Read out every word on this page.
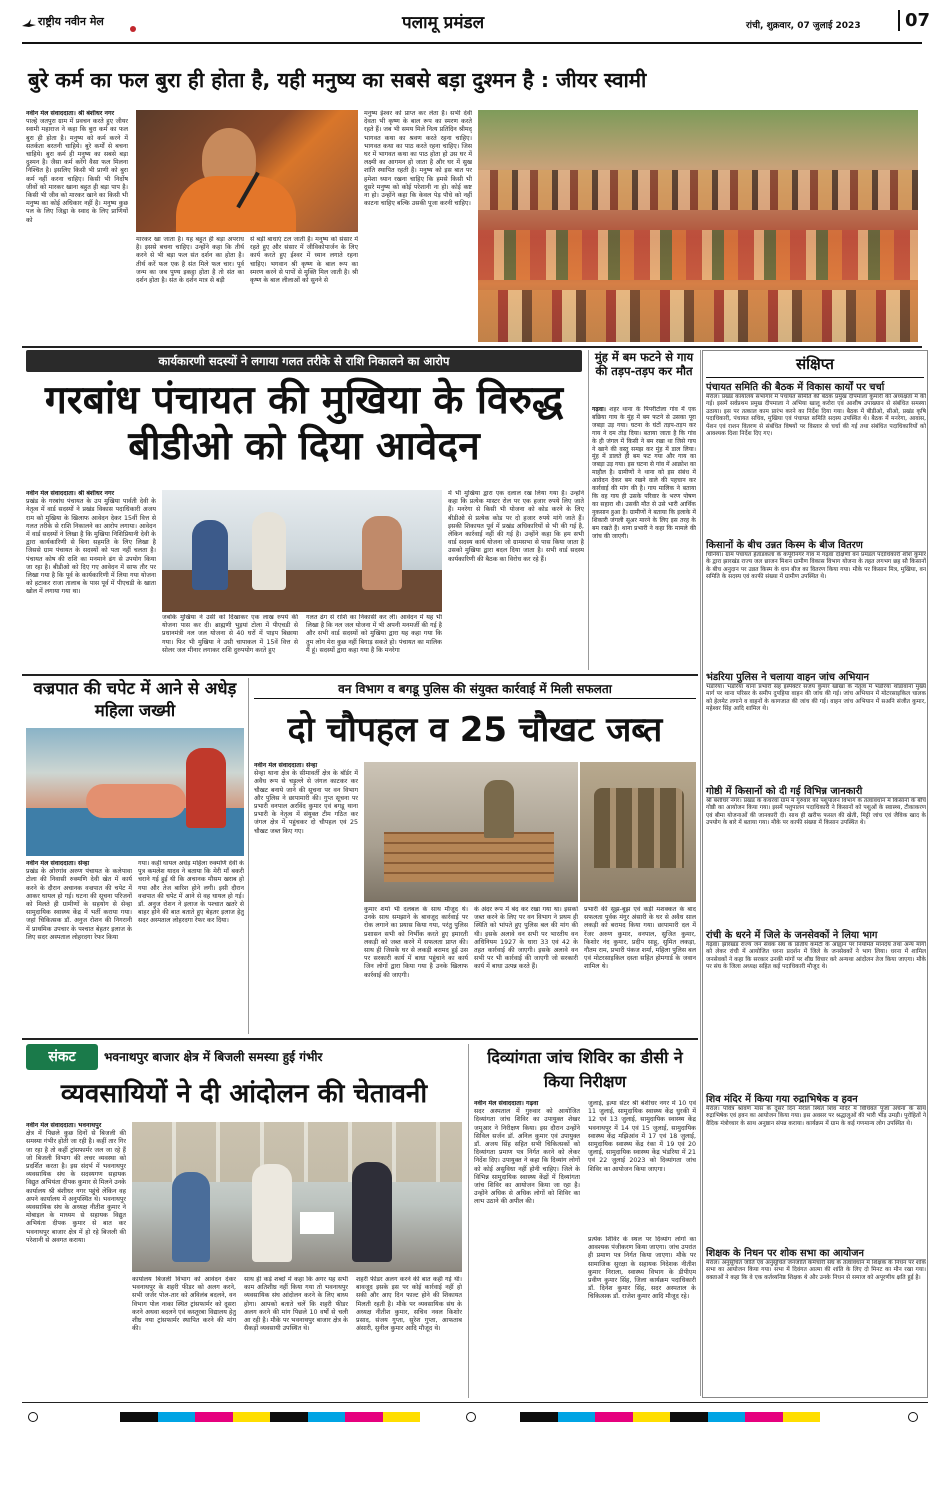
राष्ट्रीय नवीन मेल	पलामू प्रमंडल	रांची, शुक्रवार, 07 जुलाई 2023	07
बुरे कर्म का फल बुरा ही होता है, यही मनुष्य का सबसे बड़ा दुश्मन है : जीयर स्वामी
नवीन मेल संवाददाता। श्री बंशीधर नगर
पाल्हे जतपुरा ग्राम में प्रवचन करते हुए जीयर स्वामी महाराज ने कहा कि बुरा कर्म का फल बुरा ही होता है। मनुष्य को कर्म करने में सतर्कता बरतनी चाहिये। बुरे कर्मों से बचना चाहिये। बुरा कर्म ही मनुष्य का सबसे बड़ा दुश्मन है। जैसा कर्म करेंगे वैसा फल मिलना निश्चित है। इसलिए किसी भी प्राणी को बुरा कर्म नहीं करना चाहिए। किसी भी निर्दोष जीवों को मारकर खाना बहुत ही बड़ा पाप है। किसी भी जीव को मारकर खाने का किसी भी मनुष्य का कोई अधिकार नहीं है। मनुष्य कुछ पल के लिए जिह्वा के स्वाद के लिए प्राणियों को
मारकर खा जाता है। यह बहुत ही बड़ा अपराध है। इससे बचना चाहिए। उन्होंने कहा कि तीर्थ करने से भी बड़ा फल संत दर्शन का होता है। तीर्थ करें फल एक है संत मिले फल चार। पूर्व जन्म का जब पुण्य इकट्ठा होता है तो संत का दर्शन होता है। संत के दर्शन मात्र से बड़ी
से बड़ी बाधाएं टल जाती है। मनुष्य को संसार में रहते हुए और संसार में जीविकोपार्जन के लिए कार्य करते हुए ईश्वर में ध्यान लगाते रहना चाहिए। भगवान श्री कृष्ण के बाल रूप का स्मरण करने से पापों से मुक्ति मिल जाती है। श्री कृष्ण के बाल लीलाओं को सुनने से
मनुष्य ईश्वर को प्राप्त कर लेता है। सभी देवी देवता भी कृष्ण के बाल रूप का स्मरण करते रहते हैं। जब भी समय मिले नित्य प्रतिदिन श्रीमद् भागवत कथा का श्रवण करते रहना चाहिए। भागवत कथा का पाठ करते रहना चाहिए। जिस घर में भागवत कथा का पाठ होता हो उस घर में लक्ष्मी का आगमन हो जाता है और घर में सुख शांति स्थापित रहती है। मनुष्य को इस बात पर हमेशा ध्यान रखना चाहिए कि हमसे किसी भी दूसरे मनुष्य को कोई परेशानी ना हो। कोई कष्ट ना हो। उन्होंने कहा कि केवल पेड़ पौधे को नहीं काटना चाहिए बल्कि उसकी पूजा करनी चाहिए।
कार्यकारणी सदस्यों ने लगाया गलत तरीके से राशि निकालने का आरोप
गरबांध पंचायत की मुखिया के विरुद्ध बीडीओ को दिया आवेदन
नवीन मेल संवाददाता। श्री बंशीधर नगर
प्रखंड के गरबांध पंचायत के उप मुखिया पार्वती देवी के नेतृत्व में वार्ड सदस्यों ने प्रखंड विकास पदाधिकारी अजय राम को मुखिया के खिलाफ आवेदन देकर 15वीं वित्त से गलत तरीके से राशि निकालने का आरोप लगाया। आवेदन में वार्ड सदस्यों ने लिखा है कि मुखिया निशिप्रियानी देवी के द्वारा कार्यकारिणी से बिना सहमति के लिए लिखा है जिससे ग्राम पंचायत के सदस्यों को पता नहीं चलता है। पंचायत कोष की राशि का मनमाने ढंग से उपयोग किया जा रहा है। बीडीओ को दिए गए आवेदन में साफ तौर पर लिखा गया है कि पूर्व के कार्यकारिणी में लिया गया योजना को हटाकर राजा तालाब के पास पूर्व में पीएचडी के खाता खोल में लगाया गया था।
जबकि मुखिया ने उसी को दिखाकर एक लाख रुपये की योजना पास कर दी। ब्राह्मणी भुइयां टोला में पीएचडी से प्रधानमंत्री नल जल योजना से 40 घरों में पाइप बिछाया गया। फिर भी मुखिया ने उसी चापाकल में 15वें वित्त से सोलर जल मीनार लगाकर राशि दुरुपयोग करते हुए
गलत ढंग से राशि का निकासी कर ली। आवेदन में यह भी लिखा है कि नल जल योजना में भी अपनी मनमर्जी की गई है और सभी वार्ड सदस्यों को मुखिया द्वारा यह कहा गया कि तुम लोग मेरा कुछ नहीं बिगाड़ सकते हो। पंचायत का मालिक मैं हूं। सदस्यों द्वारा कहा गया है कि मनरेगा
में भी मुखिया द्वारा एक दलाल रख लिया गया है। उन्होंने कहा कि प्रत्येक मास्टर रोल पर एक हजार रुपये लिए जाते हैं। मनरेगा से किसी भी योजना को कोड करने के लिए बीडीओ से प्रत्येक कोड पर दो हजार रुपये मांगे जाते हैं। इसकी शिकायत पूर्व में प्रखंड अधिकारियों से भी की गई है, लेकिन कार्रवाई नहीं की गई है। उन्होंने कहा कि हम सभी वार्ड सदस्य कार्य योजना जो ग्रामसभा से पास किया जाता है उसको मुखिया द्वारा बदल दिया जाता है। सभी वार्ड सदस्य कार्यकारिणी की बैठक का विरोध कर रहे हैं।
मुंह में बम फटने से गाय की तड़प-तड़प कर मौत
गढ़वा। शहर थाना के पिपरीटोला गांव में एक बछिया गाय के मुंह में बम फटने से उसका पूरा जबड़ा उड़ गया। घटना के घंटों तड़प-तड़प कर गाय ने दम तोड़ दिया। बताया जाता है कि गांव के ही जंगल में किसी ने बम रखा था जिसे गाय ने खाने की वस्तु समझ कर मुंह में डाल लिया। मुंह में डालते ही बम फट गया और गाय का जबड़ा उड़ गया। इस घटना से गांव में आक्रोश का माहौल है। ग्रामीणों ने थाना को इस संबंध में आवेदन देकर बम रखने वाले की पहचान कर कार्रवाई की मांग की है। गाय मालिक ने बताया कि वह गाय ही उसके परिवार के भरण पोषण का सहारा थी। उसकी मौत से उसे भारी आर्थिक नुकसान हुआ है। ग्रामीणों ने बताया कि इलाके में शिकारी जंगली सूअर मारने के लिए इस तरह के बम रखते हैं। थाना प्रभारी ने कहा कि मामले की जांच की जाएगी।
संक्षिप्त
पंचायत समिति की बैठक में विकास कार्यों पर चर्चा
मेराल। प्रखंड कार्यालय सभागार में पंचायत समिति की बैठक प्रमुख दीपमाला कुमारी की अध्यक्षता में की गई। इसमें सर्वप्रथम प्रमुख दीपमाला ने अभिया खालू करोरा एवं आशीष उपाख्यान से संबंधित समस्या उठाया। इस पर तत्काल काम प्रारंभ करने का निर्देश दिया गया। बैठक में बीडीओ, सीओ, प्रखंड कृषि पदाधिकारी, पंचायत सचिव, मुखिया एवं पंचायत समिति सदस्य उपस्थित थे। बैठक में मनरेगा, आवास, पेंशन एवं राशन वितरण से संबंधित विषयों पर विस्तार से चर्चा की गई तथा संबंधित पदाधिकारियों को आवश्यक दिशा निर्देश दिए गए।
किसानों के बीच उन्नत किस्म के बीज वितरण
चिनिया। ग्राम पंचायत हेताडकला के कर्पूरीनगर गांव में गढ़वा दक्षिणी वन प्रमंडल पदाधिकारी शशि कुमार के द्वारा झारखंड राज्य जल छाजन मिशन ग्रामीण विकास विभाग योजना के तहत लगभग छह सौ किसानों के बीच अनुदान पर उन्नत किस्म के धान बीज का वितरण किया गया। मौके पर किसान मित्र, मुखिया, वन समिति के सदस्य एवं काफी संख्या में ग्रामीण उपस्थित थे।
भंडरिया पुलिस ने चलाया वाहन जांच अभियान
भंडरिया। भंडरिया थाना प्रभारी सह इंस्पेक्टर संजय कुमार खाखा के नेतृत्व में भंडरिया थोडावाना मुख्य मार्ग पर थाना परिसर के समीप दुपहिया वाहन की जांच की गई। जांच अभियान में मोटरसाइकिल चालक को हेलमेट लगाने व वाहनों के कागजात की जांच की गई। वाहन जांच अभियान में सअनि संजीत कुमार, महेश्वर सिंह आदि शामिल थे।
गोष्ठी में किसानों को दी गई विभिन्न जानकारी
श्री बंशीधर नगर। प्रखंड के कचरवा ग्राम में गुरुवार को पशुपालन विभाग के तत्वावधान में किसानों के बीच गोष्ठी का आयोजन किया गया। इसमें पशुपालन पदाधिकारी ने किसानों को पशुओं के स्वास्थ्य, टीकाकरण एवं बीमा योजनाओं की जानकारी दी। साथ ही खरीफ फसल की खेती, मिट्टी जांच एवं जैविक खाद के उपयोग के बारे में बताया गया। मौके पर काफी संख्या में किसान उपस्थित थे।
रांची के धरने में जिले के जनसेवकों ने लिया भाग
गढ़वा। झारखंड राज्य जन सेवक संघ के प्रांतीय कमेटी के आह्वान पर नियमित मानदेय तथा अन्य मांगों को लेकर रांची में आयोजित धरना प्रदर्शन में जिले के जनसेवकों ने भाग लिया। धरना में शामिल जनसेवकों ने कहा कि सरकार उनकी मांगों पर शीघ्र विचार करे अन्यथा आंदोलन तेज किया जाएगा। मौके पर संघ के जिला अध्यक्ष सहित कई पदाधिकारी मौजूद थे।
शिव मंदिर में किया गया रुद्राभिषेक व हवन
मेराल। पवित्र श्रावण मास के दूसरे दिन मेराल स्थित शिव मंदिर में विधिवत पूजा अर्चना के साथ रुद्राभिषेक एवं हवन का आयोजन किया गया। इस अवसर पर श्रद्धालुओं की भारी भीड़ उमड़ी। पुरोहितों ने वैदिक मंत्रोच्चार के साथ अनुष्ठान संपन्न कराया। कार्यक्रम में ग्राम के कई गणमान्य लोग उपस्थित थे।
शिक्षक के निधन पर शोक सभा का आयोजन
मेराल। अनुसूचित जाति एवं अनुसूचित जनजाति कर्मचारी संघ के तत्वावधान में शिक्षक के निधन पर शोक सभा का आयोजन किया गया। सभा में दिवंगत आत्मा की शांति के लिए दो मिनट का मौन रखा गया। वक्ताओं ने कहा कि वे एक कर्तव्यनिष्ठ शिक्षक थे और उनके निधन से समाज को अपूरणीय क्षति हुई है।
वज्रपात की चपेट में आने से अधेड़ महिला जख्मी
नवीन मेल संवाददाता। सेन्हा
प्रखंड के ओरगांव अरुण पंचायत के कलेपावा टोला की निवासी रुक्मणि देवी खेत में कार्य करने के दौरान अचानक वज्रपात की चपेट में आकर घायल हो गई। घटना की सूचना परिजनों को मिलते ही ग्रामीणों के सहयोग से सेन्हा सामुदायिक स्वास्थ्य केंद्र में भर्ती कराया गया। जहां चिकित्सक डॉ. अनुज रोशन की निगरानी में प्राथमिक उपचार के पश्चात बेहतर इलाज के लिए सदर अस्पताल लोहरदगा रेफर किया
गया। कहीं घायल अधेड़ महिला रुक्मणि देवी के पुत्र कमलेश यादव ने बताया कि मेरी माँ बकरी चराने गई हुई थी कि अचानक मौसम खराब हो गया और तेज बारिश होने लगी। इसी दौरान वज्रपात की चपेट में आने से वह घायल हो गई। डॉ. अनुज रोशन ने इलाज के पश्चात खतरे से बाहर होने की बात बताते हुए बेहतर इलाज हेतु सदर अस्पताल लोहरदगा रेफर कर दिया।
वन विभाग व बगडू पुलिस की संयुक्त कार्रवाई में मिली सफलता
दो चौपहल व 25 चौखट जब्त
नवीन मेल संवाददाता। सेन्हा
सेन्हा थाना क्षेत्र के सीमावर्ती क्षेत्र के बॉर्डर में अवैध रूप से चड़ुल्ले से जंगल काटकर कर चौखट बनाये जाने की सूचना पर वन विभाग और पुलिस ने छापामारी की। गुप्त सूचना पर प्रभारी वनपाल अरविंद कुमार एवं बगडू थाना प्रभारी के नेतृत्व में संयुक्त टीम गठित कर जंगल क्षेत्र में पहुंचकर दो चौपहल एवं 25 चौखट जब्त किए गए।
कुमार शर्मा भी दलबल के साथ मौजूद थे। उनके साथ समझाने के बावजूद कार्रवाई पर रोक लगाने का प्रयास किया गया, परंतु पुलिस प्रशासन सभी को निर्भीक करते हुए इमारती लकड़ी को जब्त करने में सफलता प्राप्त की। साथ ही जिसके घर से लकड़ी बरामद हुई उस पर सरकारी कार्य में बाधा पहुंचाने का कार्य जिन लोगों द्वारा किया गया है उनके खिलाफ कार्रवाई की जाएगी।
के अंदर रूप में बंद कर रखा गया था। इसको जब्त करने के लिए पर वन विभाग ने प्रथम ही स्थिति को भांपते हुए पुलिस बल की मांग की थी। इसके अलावे वन सभी पर भारतीय वन अधिनियम 1927 के धारा 33 एवं 42 के तहत कार्रवाई की जाएगी। इसके अलावे वन सभी पर भी कार्रवाई की जाएगी जो सरकारी कार्य में बाधा उत्पन्न करते हैं।
प्रभारी की सूझ-बूझ एवं कड़ी मशक्कत के बाद सफलता पूर्वक मंगुर अंसारी के घर से अवैध साल लकड़ी को बरामद किया गया। छापामारी दल में रेंजर अरुण कुमार, वनपाल, सुजित कुमार, किशोर नंद कुमार, प्रदीप साहू, सुमित लकड़ा, गौतम राम, प्रभारी पंकज शर्मा, महिला पुलिस बल एवं मोटरसाइकिल दस्ता सहित होमगार्ड के जवान शामिल थे।
संकट	भवनाथपुर बाजार क्षेत्र में बिजली समस्या हुई गंभीर
व्यवसायियों ने दी आंदोलन की चेतावनी
नवीन मेल संवाददाता। भवनाथपुर
क्षेत्र में पिछले कुछ दिनों से बिजली की समस्या गंभीर होती जा रही है। कहीं तार गिर जा रहा है तो कहीं ट्रांसफार्मर जल जा रहे हैं जो बिजली विभाग की लचर व्यवस्था को प्रदर्शित करता है। इस संदर्भ में भवनाथपुर व्यवसायिक संघ के सदस्यगण सहायक विद्युत अभियंता दीपक कुमार से मिलने उनके कार्यालय श्री बंशीधर नगर पहुंचे लेकिन वह अपने कार्यालय में अनुपस्थित थे। भवनाथपुर व्यवसायिक संघ के अध्यक्ष नीतीश कुमार ने मोबाइल के माध्यम से सहायक विद्युत अभियंता दीपक कुमार से बात कर भवनाथपुर बाजार क्षेत्र में हो रहे बिजली की परेशानी से अवगत कराया।
कार्यालय बिजली विभाग को आवेदन देकर भवनाथपुर के शहरी फीडर को अलग करने, सभी जर्जर पोल-तार को अविलंब बदलने, वन विभाग पोल नाका स्थित ट्रांसफार्मर को दूसरा करने अथवा बदलने एवं कस्तूरबा विद्यालय हेतु शीघ्र नया ट्रांसफार्मर स्थापित करने की मांग की।
साथ ही कड़े शब्दों में कहा कि अगर यह सभी काम अतिशीघ्र नहीं किया गया तो भवनाथपुर व्यवसायिक संघ आंदोलन करने के लिए बाध्य होगा। आपको बताते चलें कि शहरी फीडर अलग करने की मांग पिछले 10 वर्षों से चली आ रही है। मौके पर भवनाथपुर बाजार क्षेत्र के सैकड़ों व्यवसायी उपस्थित थे।
शहरी फीडर अलग करने की बात कही गई थी। बावजूद इसके इस पर कोई कार्रवाई नहीं हो सकी और आए दिन फाल्ट होने की शिकायत मिलती रहती है। मौके पर व्यवसायिक संघ के अध्यक्ष नीतीश कुमार, सचिव नवल किशोर प्रसाद, संजय गुप्ता, सुरेश गुप्ता, आफताब अंसारी, सुनील कुमार आदि मौजूद थे।
दिव्यांगता जांच शिविर का डीसी ने किया निरीक्षण
नवीन मेल संवाददाता। गढ़वा
सदर अस्पताल में गुरुवार को आयोजित दिव्यांगता जांच शिविर का उपायुक्त शेखर जमुआर ने निरीक्षण किया। इस दौरान उन्होंने सिविल सर्जन डॉ. अनिल कुमार एवं उपायुक्त डॉ. अजय सिंह सहित सभी चिकित्सकों को दिव्यांगता प्रमाण पत्र निर्गत करने को लेकर निर्देश दिए। उपायुक्त ने कहा कि दिव्यांग लोगों को कोई असुविधा नहीं होनी चाहिए। जिले के विभिन्न सामुदायिक स्वास्थ्य केंद्रों में दिव्यांगता जांच शिविर का आयोजन किया जा रहा है। उन्होंने अधिक से अधिक लोगों को शिविर का लाभ उठाने की अपील की।
जुलाई, इत्मा सेंटर श्री बंशीधर नगर में 10 एवं 11 जुलाई, सामुदायिक स्वास्थ्य केंद्र धुरकी में 12 एवं 13 जुलाई, सामुदायिक स्वास्थ्य केंद्र भवनाथपुर में 14 एवं 15 जुलाई, सामुदायिक स्वास्थ्य केंद्र मझिआंव में 17 एवं 18 जुलाई, सामुदायिक स्वास्थ्य केंद्र रंका में 19 एवं 20 जुलाई, सामुदायिक स्वास्थ्य केंद्र भंडरिया में 21 एवं 22 जुलाई 2023 को दिव्यांगता जांच शिविर का आयोजन किया जाएगा।
प्रत्येक शिविर के स्थल पर दिव्यांग लोगों का आवश्यक पंजीकरण किया जाएगा। जांच उपरांत ही प्रमाण पत्र निर्गत किया जाएगा। मौके पर सामाजिक सुरक्षा के सहायक निदेशक नीतीश कुमार निराला, स्वास्थ्य विभाग के डीपीएम प्रवीण कुमार सिंह, जिला कार्यक्रम पदाधिकारी डॉ. दिनेश कुमार सिंह, सदर अस्पताल के चिकित्सक डॉ. राजेश कुमार आदि मौजूद रहे।
